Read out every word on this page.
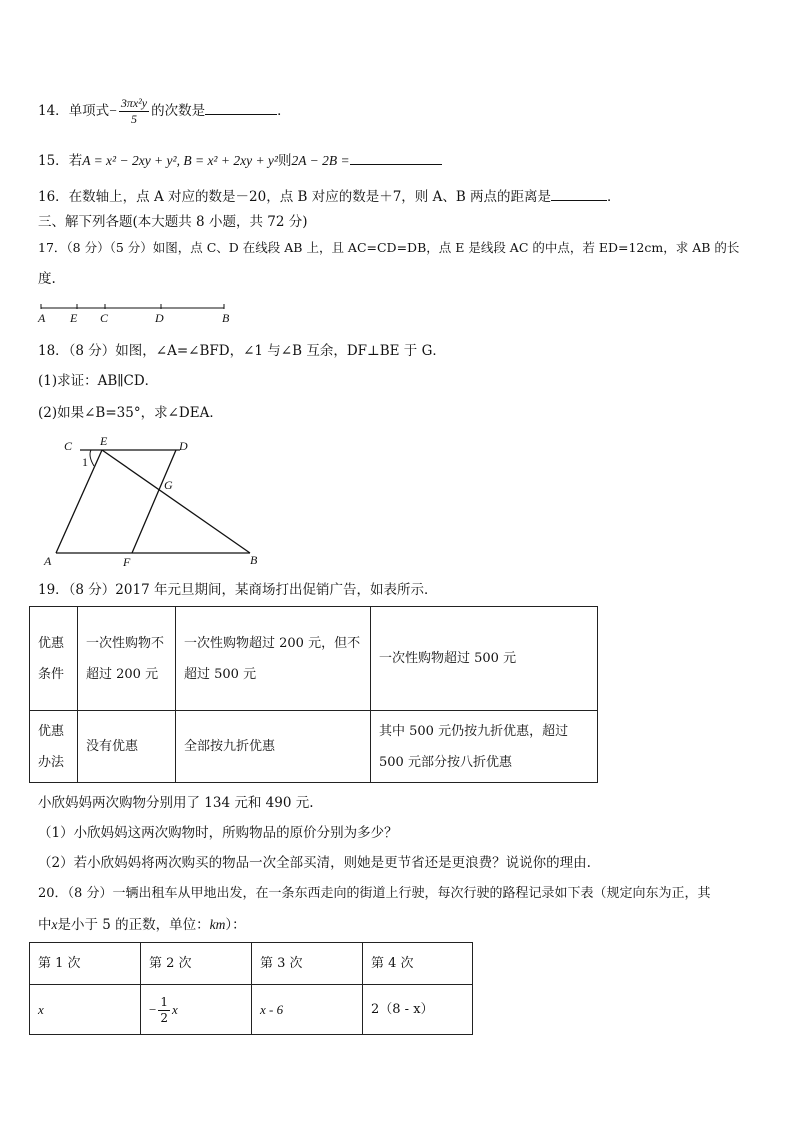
14．单项式− $\frac{\text{3πx²y}}{5}$ 的次数是	．
15．若A = x² − 2xy + y², B = x² + 2xy + y²则2A − 2B =
16．在数轴上，点 A 对应的数是－20，点 B 对应的数是＋7，则 A、B 两点的距离是	．
三、解下列各题(本大题共 8 小题，共 72 分)
17．（8 分）（5 分）如图，点 C、D 在线段 AB 上，且 AC=CD=DB，点 E 是线段 AC 的中点，若 ED=12cm，求 AB 的长
度.
A E C	D	B
18．（8 分）如图，∠A=∠BFD，∠1 与∠B 互余，DF⊥BE 于 G．
(1)求证：AB∥CD．
(2)如果∠B=35°，求∠DEA．
C E	D
1
G
A	F	B
19．（8 分）2017 年元旦期间，某商场打出促销广告，如表所示．
优惠条件	一次性购物不超过 200 元	一次性购物超过 200 元，但不超过 500 元	一次性购物超过 500 元
优惠办法	没有优惠	全部按九折优惠	其中 500 元仍按九折优惠，超过 500 元部分按八折优惠
小欣妈妈两次购物分别用了 134 元和 490 元.
（1）小欣妈妈这两次购物时，所购物品的原价分别为多少？
（2）若小欣妈妈将两次购买的物品一次全部买清，则她是更节省还是更浪费？说说你的理由.
20．（8 分）一辆出租车从甲地出发，在一条东西走向的街道上行驶，每次行驶的路程记录如下表（规定向东为正，其
中x是小于 5 的正数，单位：km）：
第 1 次	第 2 次	第 3 次	第 4 次
x	− $\frac{1}{2}$ x	x - 6	2（8 - x）
